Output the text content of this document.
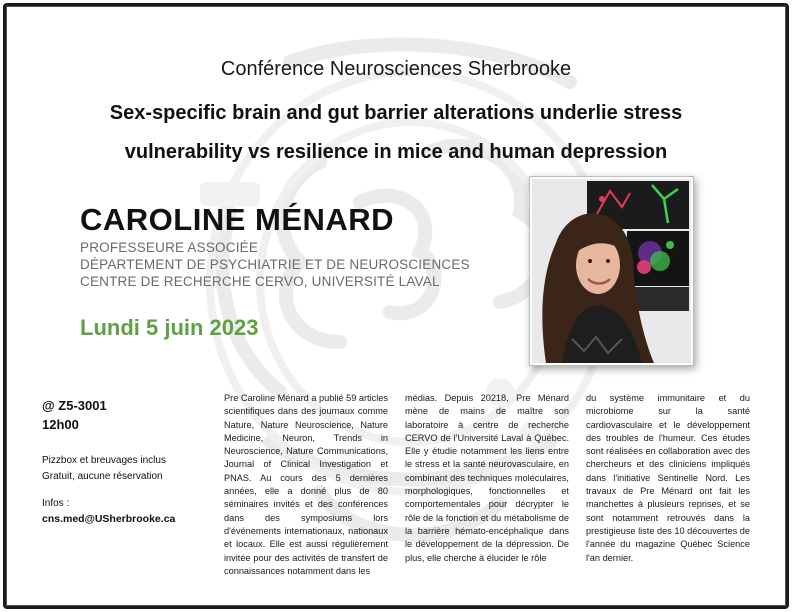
Conférence Neurosciences Sherbrooke
Sex-specific brain and gut barrier alterations underlie stress
vulnerability vs resilience in mice and human depression
CAROLINE MÉNARD
PROFESSEURE ASSOCIÉE
DÉPARTEMENT DE PSYCHIATRIE ET DE NEUROSCIENCES
CENTRE DE RECHERCHE CERVO, UNIVERSITÉ LAVAL
Lundi 5 juin 2023
@ Z5-3001
12h00
Pizzbox et breuvages inclus
Gratuit, aucune réservation
Infos :
cns.med@USherbrooke.ca
Pre Caroline Ménard a publié 59 articles scientifiques dans des journaux comme Nature, Nature Neuroscience, Nature Medicine, Neuron, Trends in Neuroscience, Nature Communications, Journal of Clinical Investigation et PNAS. Au cours des 5 dernières années, elle a donné plus de 80 séminaires invités et des conférences dans des symposiums lors d'événements internationaux, nationaux et locaux. Elle est aussi régulièrement invitée pour des activités de transfert de connaissances notamment dans les
médias. Depuis 20218, Pre Ménard mène de mains de maître son laboratoire à centre de recherche CERVO de l'Université Laval à Québec. Elle y étudie notamment les liens entre le stress et la santé neurovasculaire, en combinant des techniques moléculaires, morphologiques, fonctionnelles et comportementales pour décrypter le rôle de la fonction et du métabolisme de la barrière hémato-encéphalique dans le développement de la dépression. De plus, elle cherche à élucider le rôle
du système immunitaire et du microbiome sur la santé cardiovasculaire et le développement des troubles de l'humeur. Ces études sont réalisées en collaboration avec des chercheurs et des cliniciens impliqués dans l'initiative Sentinelle Nord. Les travaux de Pre Ménard ont fait les manchettes à plusieurs reprises, et se sont notamment retrouvés dans la prestigieuse liste des 10 découvertes de l'année du magazine Québec Science l'an dernier.
